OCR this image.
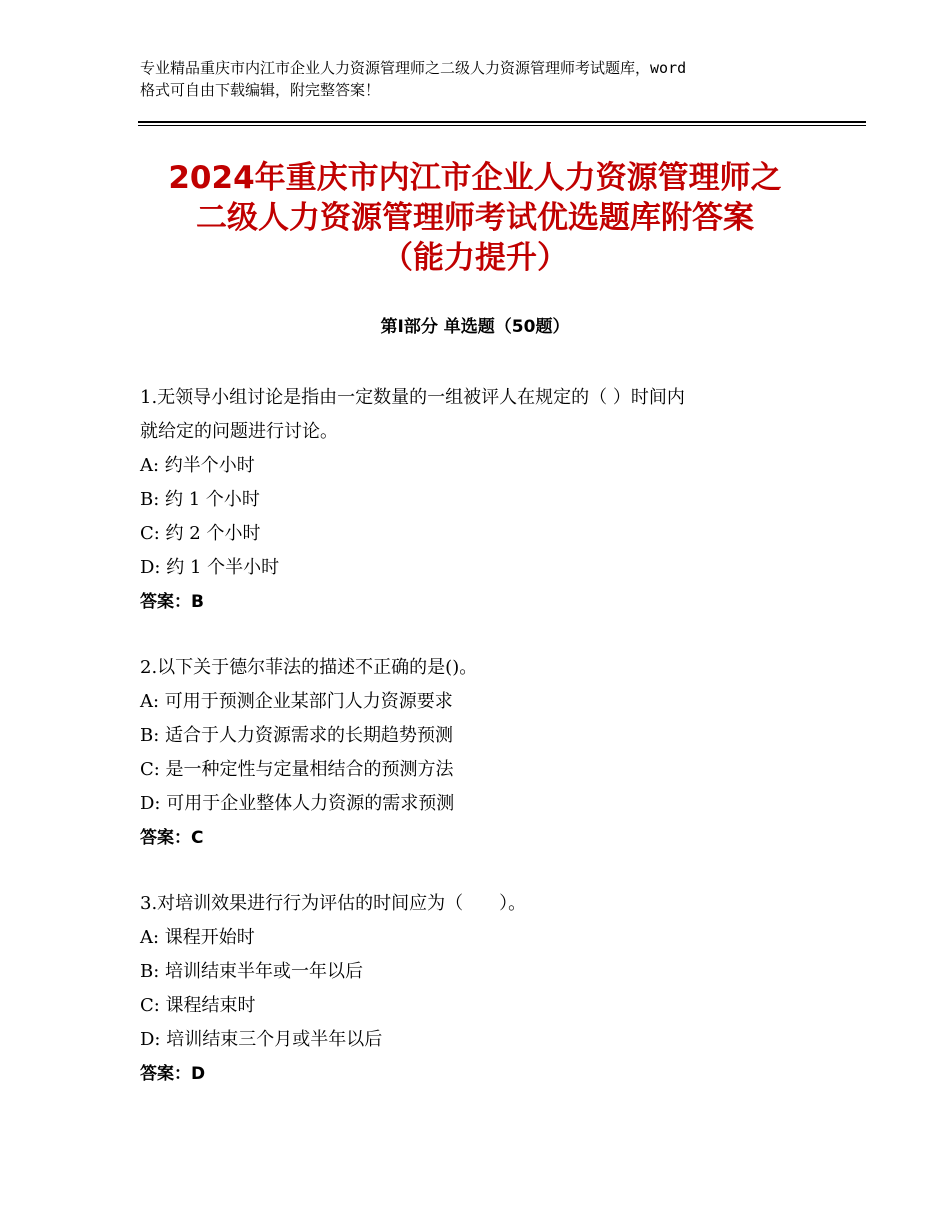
专业精品重庆市内江市企业人力资源管理师之二级人力资源管理师考试题库，word
格式可自由下载编辑，附完整答案！
2024年重庆市内江市企业人力资源管理师之
二级人力资源管理师考试优选题库附答案
（能力提升）
第Ⅰ部分 单选题（50题）
1.无领导小组讨论是指由一定数量的一组被评人在规定的（ ）时间内
就给定的问题进行讨论。
A: 约半个小时
B: 约 1 个小时
C: 约 2 个小时
D: 约 1 个半小时
答案：B
2.以下关于德尔菲法的描述不正确的是()。
A: 可用于预测企业某部门人力资源要求
B: 适合于人力资源需求的长期趋势预测
C: 是一种定性与定量相结合的预测方法
D: 可用于企业整体人力资源的需求预测
答案：C
3.对培训效果进行行为评估的时间应为（　　）。
A: 课程开始时
B: 培训结束半年或一年以后
C: 课程结束时
D: 培训结束三个月或半年以后
答案：D
